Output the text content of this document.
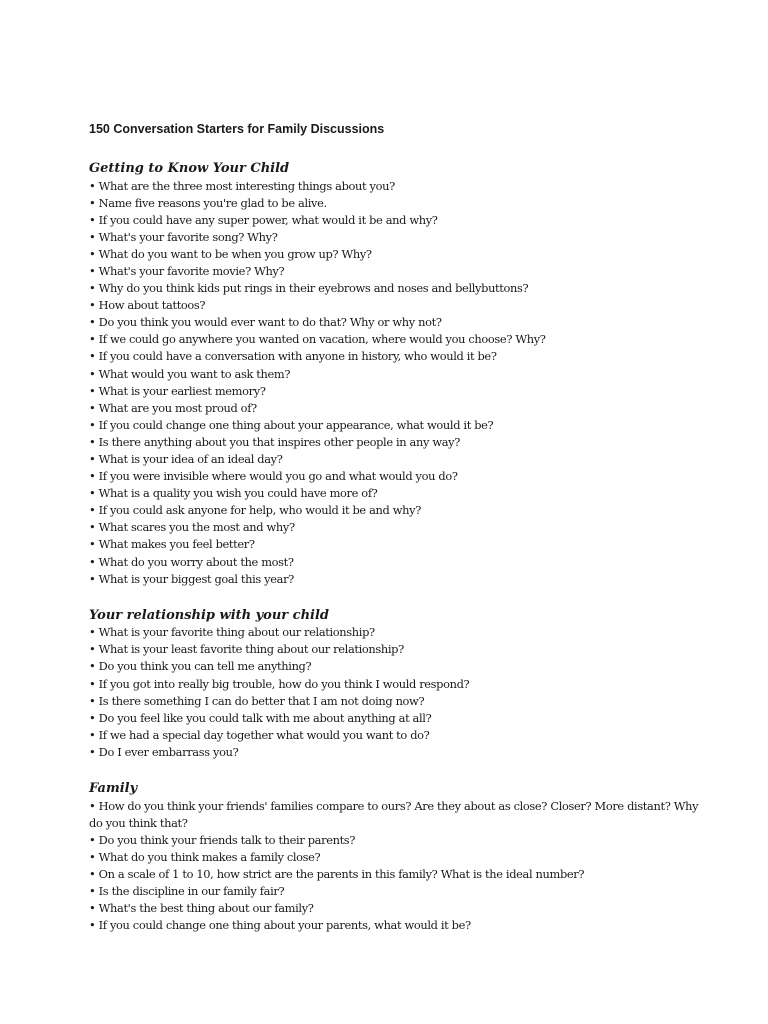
150 Conversation Starters for Family Discussions
Getting to Know Your Child
• What are the three most interesting things about you?
• Name five reasons you're glad to be alive.
• If you could have any super power, what would it be and why?
• What's your favorite song? Why?
• What do you want to be when you grow up? Why?
• What's your favorite movie? Why?
• Why do you think kids put rings in their eyebrows and noses and bellybuttons?
• How about tattoos?
• Do you think you would ever want to do that? Why or why not?
• If we could go anywhere you wanted on vacation, where would you choose? Why?
• If you could have a conversation with anyone in history, who would it be?
• What would you want to ask them?
• What is your earliest memory?
• What are you most proud of?
• If you could change one thing about your appearance, what would it be?
• Is there anything about you that inspires other people in any way?
• What is your idea of an ideal day?
• If you were invisible where would you go and what would you do?
• What is a quality you wish you could have more of?
• If you could ask anyone for help, who would it be and why?
• What scares you the most and why?
• What makes you feel better?
• What do you worry about the most?
• What is your biggest goal this year?
Your relationship with your child
• What is your favorite thing about our relationship?
• What is your least favorite thing about our relationship?
• Do you think you can tell me anything?
• If you got into really big trouble, how do you think I would respond?
• Is there something I can do better that I am not doing now?
• Do you feel like you could talk with me about anything at all?
• If we had a special day together what would you want to do?
• Do I ever embarrass you?
Family
• How do you think your friends' families compare to ours? Are they about as close? Closer? More distant? Why do you think that?
• Do you think your friends talk to their parents?
• What do you think makes a family close?
• On a scale of 1 to 10, how strict are the parents in this family? What is the ideal number?
• Is the discipline in our family fair?
• What's the best thing about our family?
• If you could change one thing about your parents, what would it be?
